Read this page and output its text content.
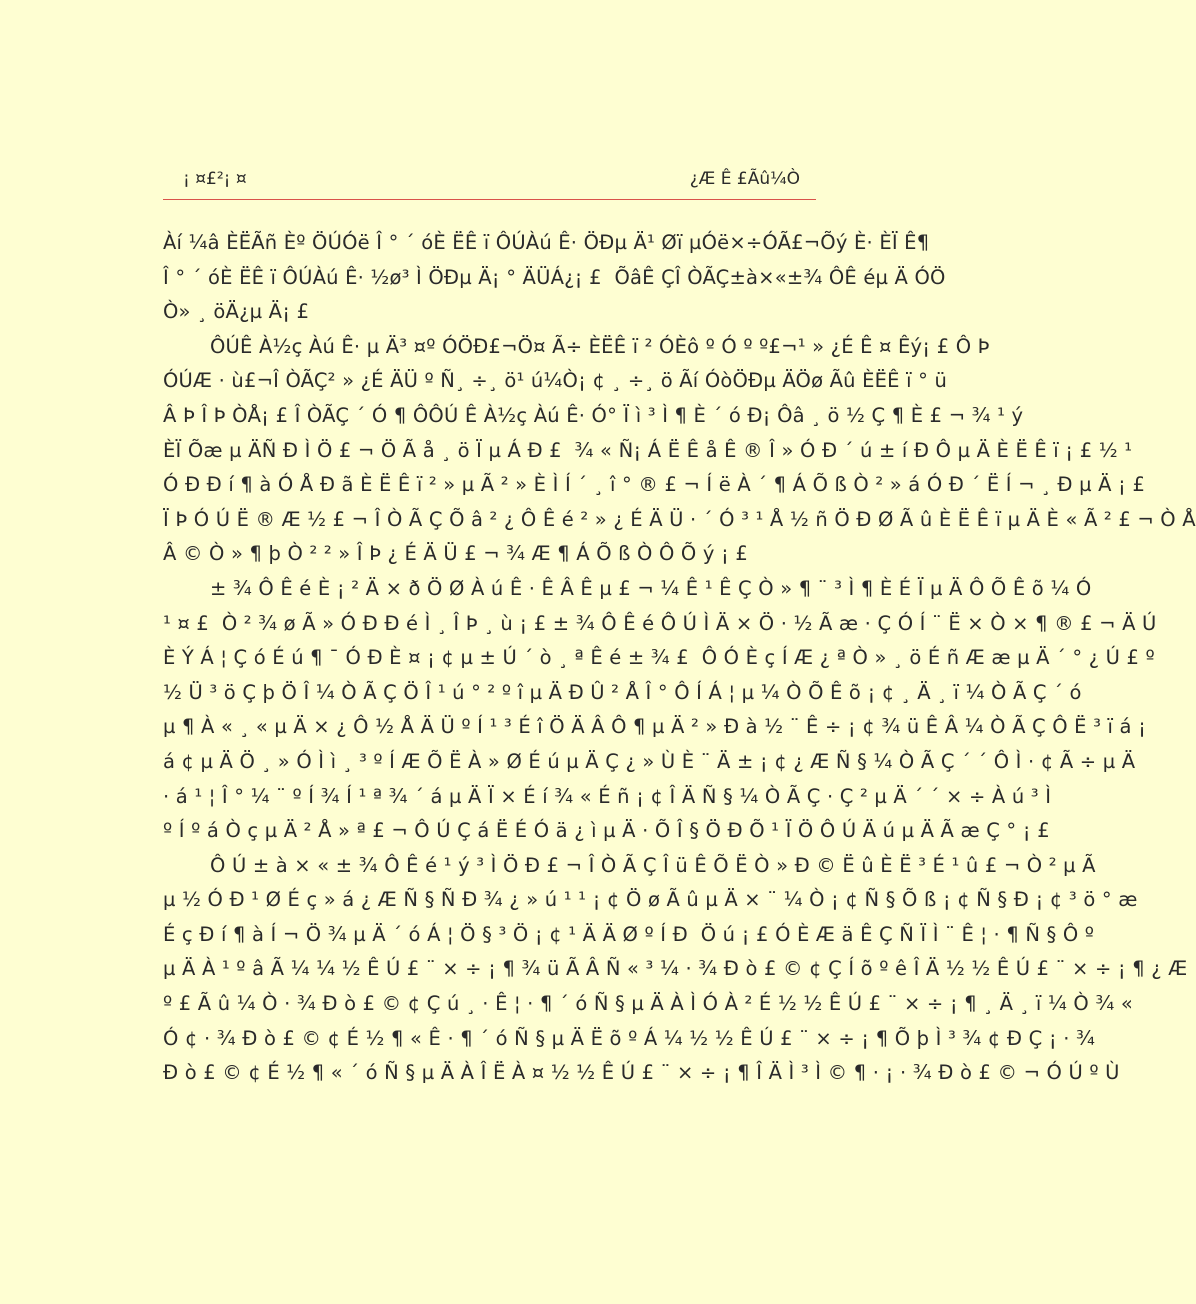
¡ ¤£²¡ ¤	¿Æ Ê £Ãû¼Ò
Àí ¼â ÈËÃñ Èº ÖÚÓë Î ° ´ óÈ ËÊ ï ÔÚÀú Ê· ÖÐµ Ä¹ Øï µÓë×÷ÓÃ£¬Õý È· ÈÏ Ê¶
Î ° ´ óÈ ËÊ ï ÔÚÀú Ê· ½ø³ Ì ÖÐµ Ä¡ ° ÄÜÁ¿¡ £ ÕâÊ ÇÎ ÒÃÇ±à×«±¾ ÔÊ éµ Ä ÓÖ
Ò» ¸ öÄ¿µ Ä¡ £
ÔÚÊ À½ç Àú Ê· µ Ä³ ¤º ÓÖÐ£¬Ö¤ Ã÷ ÈËÊ ï ² ÓÈô º Ó º º£¬¹ » ¿É Ê ¤ Êý¡ £ Ô Þ
ÓÚÆ · ù£¬Î ÒÃÇ² » ¿É ÄÜ º Ñ¸ ÷¸ ö¹ ú¼Ò¡ ¢ ¸ ÷¸ ö Ãí ÓòÖÐµ ÄÖø Ãû ÈËÊ ï ° ü
Â Þ Î Þ ÒÅ¡ £ Î ÒÃÇ ´ Ó ¶ ÔÔÚ Ê À½ç Àú Ê· Ó° Ï ì ³ Ì ¶ È ´ ó Ð¡ Ôâ ¸ ö ½ Ç ¶ È £ ¬ ¾ ¹ ý
ÈÏ Õæ µ ÄÑ Ð Ì Ö £ ¬ Ö Ã å ¸ ö Ï µ Á Ð £ ¾ « Ñ¡ Á Ë Ê å Ê ® Î » Ó Ð ´ ú ± í Ð Ô µ Ä È Ë Ê ï ¡ £ ½ ¹
Ó Ð Ð í ¶ à Ó Å Ð ã È Ë Ê ï ² » µ Ã ² » È Ì Í ´ ¸ î ° ® £ ¬ Í ë À ´ ¶ Á Õ ß Ò ² » á Ó Ð ´ Ë Í ¬ ¸ Ð µ Ä ¡ £
Ï Þ Ó Ú Ë ® Æ ½ £ ¬ Î Ò Ã Ç Õ â ² ¿ Ô Ê é ² » ¿ É Ä Ü · ´ Ó ³ ¹ Å ½ ñ Ö Ð Ø Ã û È Ë Ê ï µ Ä È « Ã ² £ ¬ Ò Å
Â © Ò » ¶ þ Ò ² ² » Î Þ ¿ É Ä Ü £ ¬ ¾ Æ ¶ Á Õ ß Ò Ô Õ ý ¡ £
± ¾ Ô Ê é È ¡ ² Ä × ð Ö Ø À ú Ê · Ê Â Ê µ £ ¬ ¼ Ê ¹ Ê Ç Ò » ¶ ¨ ³ Ì ¶ È É Ï µ Ä Ô Õ Ê õ ¼ Ó
¹ ¤ £ Ò ² ¾ ø Ã » Ó Ð Ð é Ì ¸ Î Þ ¸ ù ¡ £ ± ¾ Ô Ê é Ô Ú Ì Ä × Ö · ½ Ã æ · Ç Ó Í ¨ Ë × Ò × ¶ ® £ ¬ Ä Ú
È Ý Á ¦ Ç ó É ú ¶ ¯ Ó Ð È ¤ ¡ ¢ µ ± Ú ´ ò ¸ ª Ê é ± ¾ £ Ô Ó È ç Í Æ ¿ ª Ò » ¸ ö É ñ Æ æ µ Ä ´ ° ¿ Ú £ º
½ Ü ³ ö Ç þ Ö Î ¼ Ò Ã Ç Ö Î ¹ ú ° ² º î µ Ä Ð Û ² Å Î ° Ô Í Á ¦ µ ¼ Ò Õ Ê õ ¡ ¢ ¸ Ä ¸ ï ¼ Ò Ã Ç ´ ó
µ ¶ À « ¸ « µ Ä × ¿ Ô ½ Å Ä Ü º Í ¹ ³ É î Ö Ä Â Ô ¶ µ Ä ² » Ð à ½ ¨ Ê ÷ ¡ ¢ ¾ ü Ê Â ¼ Ò Ã Ç Ô Ë ³ ï á ¡
á ¢ µ Ä Ö ¸ » Ó Ì ì ¸ ³ º Í Æ Õ Ë À » Ø É ú µ Ä Ç ¿ » Ù È ¨ Ä ± ¡ ¢ ¿ Æ Ñ § ¼ Ò Ã Ç ´ ´ Ô Ì · ¢ Ã ÷ µ Ä
· á ¹ ¦ Î ° ¼ ¨ º Í ¾ Í ¹ ª ¾ ´ á µ Ä Ï × É í ¾ « É ñ ¡ ¢ Î Ä Ñ § ¼ Ò Ã Ç · Ç ² µ Ä ´ ´ × ÷ À ú ³ Ì
º Í º á Ò ç µ Ä ² Å » ª £ ¬ Ô Ú Ç á Ë É Ó ä ¿ ì µ Ä · Õ Î § Ö Ð Õ ¹ Ï Ö Ô Ú Ä ú µ Ä Ã æ Ç ° ¡ £
Ô Ú ± à × « ± ¾ Ô Ê é ¹ ý ³ Ì Ö Ð £ ¬ Î Ò Ã Ç Î ü Ê Õ Ë Ò » Ð © Ë û È Ë ³ É ¹ û £ ¬ Ò ² µ Ã
µ ½ Ó Ð ¹ Ø É ç » á ¿ Æ Ñ § Ñ Ð ¾ ¿ » ú ¹ ¹ ¡ ¢ Ö ø Ã û µ Ä × ¨ ¼ Ò ¡ ¢ Ñ § Õ ß ¡ ¢ Ñ § Ð ¡ ¢ ³ ö ° æ
É ç Ð í ¶ à Í ¬ Ö ¾ µ Ä ´ ó Á ¦ Ö § ³ Ö ¡ ¢ ¹ Ä Ä Ø º Í Ð Ö ú ¡ £ Ó È Æ ä Ê Ç Ñ Ï Ì ¨ Ê ¦ · ¶ Ñ § Ô º
µ Ä À ¹ º â Ã ¼ ¼ ½ Ê Ú £ ¨ × ÷ ¡ ¶ ¾ ü Ã Â Ñ « ³ ¼ · ¾ Ð ò £ © ¢ Ç Í õ º ê Î Ä ½ ½ Ê Ú £ ¨ × ÷ ¡ ¶ ¿ Æ
º £ Ã û ¼ Ò · ¾ Ð ò £ © ¢ Ç ú ¸ · Ê ¦ · ¶ ´ ó Ñ § µ Ä À Ì Ó À ² É ½ ½ Ê Ú £ ¨ × ÷ ¡ ¶ ¸ Ä ¸ ï ¼ Ò ¾ «
Ó ¢ · ¾ Ð ò £ © ¢ É ½ ¶ « Ê · ¶ ´ ó Ñ § µ Ä Ë õ º Á ¼ ½ ½ Ê Ú £ ¨ × ÷ ¡ ¶ Õ þ Ì ³ ¾ ¢ Ð Ç ¡ · ¾
Ð ò £ © ¢ É ½ ¶ « ´ ó Ñ § µ Ä À Î Ë À ¤ ½ ½ Ê Ú £ ¨ × ÷ ¡ ¶ Î Ä Ì ³ Ì © ¶ · ¡ · ¾ Ð ò £ © ¬ Ó Ú º Ù
